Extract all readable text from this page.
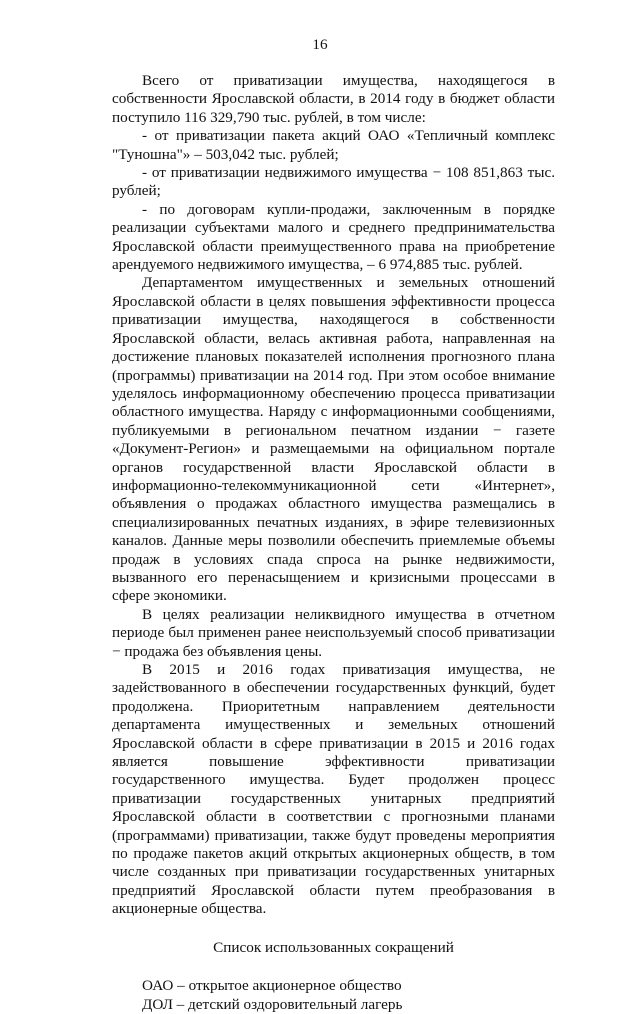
16

Всего от приватизации имущества, находящегося в собственности Ярославской области, в 2014 году в бюджет области поступило 116 329,790 тыс. рублей, в том числе:

- от приватизации пакета акций ОАО «Тепличный комплекс "Туношна"» – 503,042 тыс. рублей;

- от приватизации недвижимого имущества − 108 851,863 тыс. рублей;

- по договорам купли-продажи, заключенным в порядке реализации субъектами малого и среднего предпринимательства Ярославской области преимущественного права на приобретение арендуемого недвижимого имущества, – 6 974,885 тыс. рублей.

Департаментом имущественных и земельных отношений Ярославской области в целях повышения эффективности процесса приватизации имущества, находящегося в собственности Ярославской области, велась активная работа, направленная на достижение плановых показателей исполнения прогнозного плана (программы) приватизации на 2014 год. При этом особое внимание уделялось информационному обеспечению процесса приватизации областного имущества. Наряду с информационными сообщениями, публикуемыми в региональном печатном издании − газете «Документ-Регион» и размещаемыми на официальном портале органов государственной власти Ярославской области в информационно-телекоммуникационной сети «Интернет», объявления о продажах областного имущества размещались в специализированных печатных изданиях, в эфире телевизионных каналов. Данные меры позволили обеспечить приемлемые объемы продаж в условиях спада спроса на рынке недвижимости, вызванного его перенасыщением и кризисными процессами в сфере экономики.

В целях реализации неликвидного имущества в отчетном периоде был применен ранее неиспользуемый способ приватизации − продажа без объявления цены.

В 2015 и 2016 годах приватизация имущества, не задействованного в обеспечении государственных функций, будет продолжена. Приоритетным направлением деятельности департамента имущественных и земельных отношений Ярославской области в сфере приватизации в 2015 и 2016 годах является повышение эффективности приватизации государственного имущества. Будет продолжен процесс приватизации государственных унитарных предприятий Ярославской области в соответствии с прогнозными планами (программами) приватизации, также будут проведены мероприятия по продаже пакетов акций открытых акционерных обществ, в том числе созданных при приватизации государственных унитарных предприятий Ярославской области путем преобразования в акционерные общества.

Список использованных сокращений

ОАО – открытое акционерное общество

ДОЛ – детский оздоровительный лагерь
